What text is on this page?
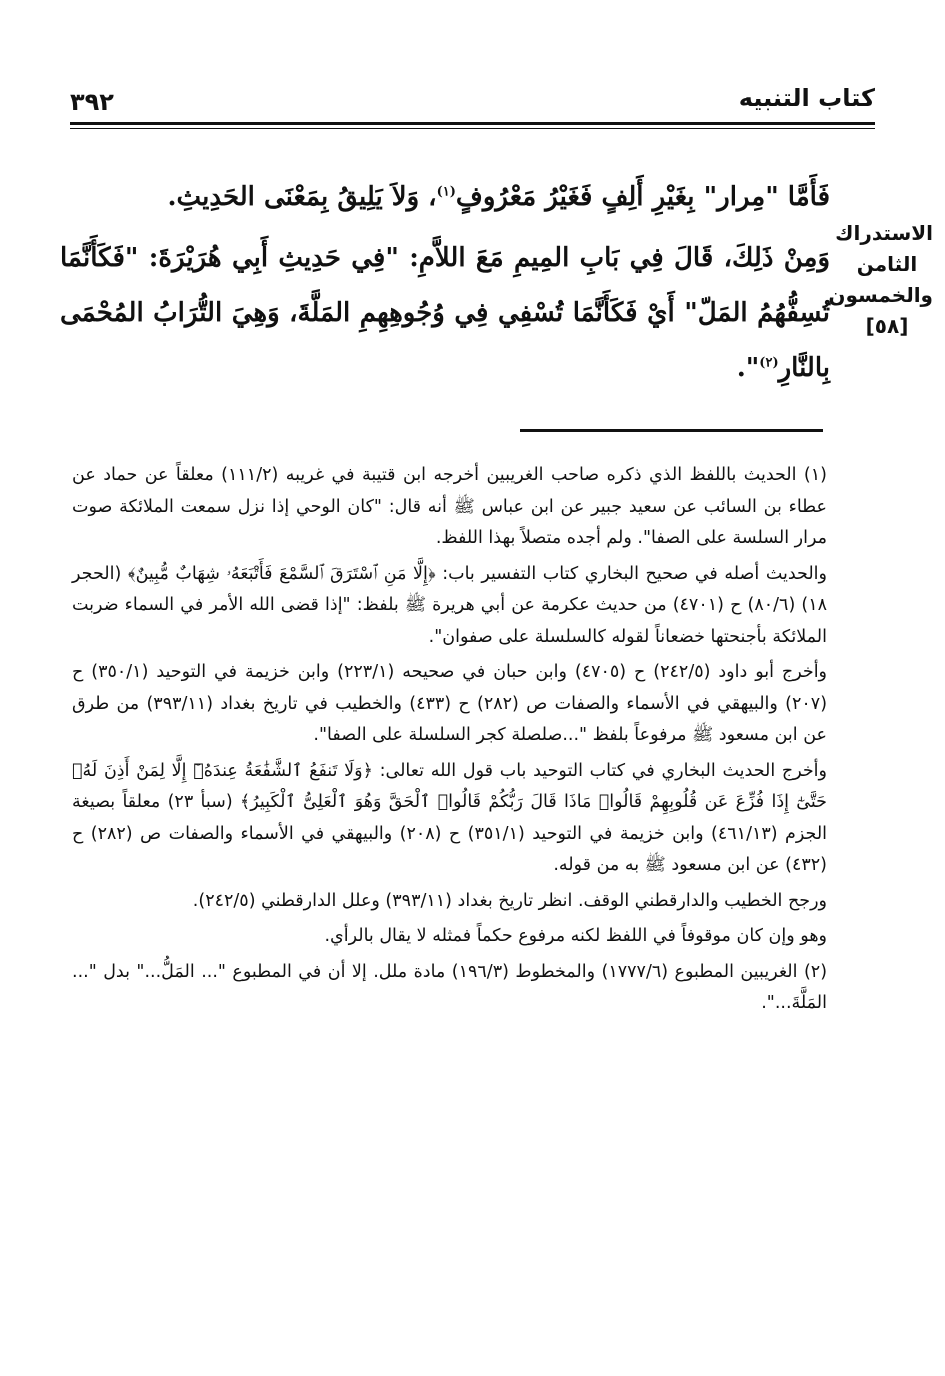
كتاب التنبيه
٣٩٢
الاستدراك
الثامن
والخمسون
[٥٨]

فَأَمَّا "مِرار" بِغَيْرِ أَلِفٍ فَغَيْرُ مَعْرُوفٍ$^{(١)}$، وَلاَ يَلِيقُ بِمَعْنَى الحَدِيثِ.

وَمِنْ ذَلِكَ، قَالَ فِي بَابِ المِيمِ مَعَ اللاَّمِ: "فِي حَدِيثِ أَبِي هُرَيْرَةَ: "فَكَأَنَّمَا تُسِفُّهُمُ المَلّ" أَيْ فَكَأَنَّمَا تُسْفِي فِي وُجُوهِهِمِ المَلَّةَ، وَهِيَ التُّرَابُ المُحْمَى بِالنَّارِ$^{(٢)}$".

(١) الحديث باللفظ الذي ذكره صاحب الغريبين أخرجه ابن قتيبة في غريبه (١١١/٢) معلقاً عن حماد عن عطاء بن السائب عن سعيد جبير عن ابن عباس ﷺ أنه قال: "كان الوحي إذا نزل سمعت الملائكة صوت مرار السلسة على الصفا". ولم أجده متصلاً بهذا اللفظ.

والحديث أصله في صحيح البخاري كتاب التفسير باب: ﴿إِلَّا مَنِ ٱسْتَرَقَ ٱلسَّمْعَ فَأَتْبَعَهُۥ شِهَابٌ مُّبِينٌ﴾ (الحجر ١٨) (٨٠/٦) ح (٤٧٠١) من حديث عكرمة عن أبي هريرة ﷺ بلفظ: "إذا قضى الله الأمر في السماء ضربت الملائكة بأجنحتها خضعاناً لقوله كالسلسلة على صفوان".

وأخرج أبو داود (٢٤٢/٥) ح (٤٧٠٥) وابن حبان في صحيحه (٢٢٣/١) وابن خزيمة في التوحيد (٣٥٠/١) ح (٢٠٧) والبيهقي في الأسماء والصفات ص (٢٨٢) ح (٤٣٣) والخطيب في تاريخ بغداد (٣٩٣/١١) من طرق عن ابن مسعود ﷺ مرفوعاً بلفظ "...صلصلة كجر السلسلة على الصفا".

وأخرج الحديث البخاري في كتاب التوحيد باب قول الله تعالى: ﴿وَلَا تَنفَعُ ٱلشَّفَٰعَةُ عِندَهُۥٓ إِلَّا لِمَنْ أَذِنَ لَهُۥ حَتَّىٰٓ إِذَا فُزِّعَ عَن قُلُوبِهِمْ قَالُوا۟ مَاذَا قَالَ رَبُّكُمْ قَالُوا۟ ٱلْحَقَّ وَهُوَ ٱلْعَلِىُّ ٱلْكَبِيرُ﴾ (سبأ ٢٣) معلقاً بصيغة الجزم (٤٦١/١٣) وابن خزيمة في التوحيد (٣٥١/١) ح (٢٠٨) والبيهقي في الأسماء والصفات ص (٢٨٢) ح (٤٣٢) عن ابن مسعود ﷺ به من قوله.

ورجح الخطيب والدارقطني الوقف. انظر تاريخ بغداد (٣٩٣/١١) وعلل الدارقطني (٢٤٢/٥).

وهو وإن كان موقوفاً في اللفظ لكنه مرفوع حكماً فمثله لا يقال بالرأي.

(٢) الغريبين المطبوع (١٧٧٧/٦) والمخطوط (١٩٦/٣) مادة ملل. إلا أن في المطبوع "... المَلُّ..." بدل "... المَلَّةَ...".
